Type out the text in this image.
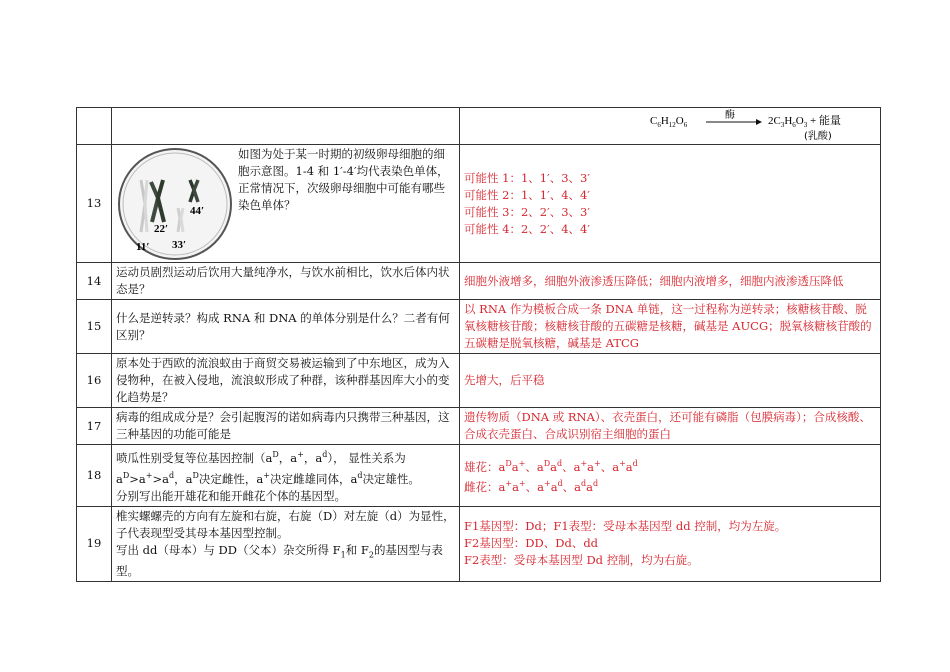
$C_6H_{12}O_6$
酶 $2C_3H_6O_3$ + 能量
(乳酸)

13	11′
22′
33′
44′
如图为处于某一时期的初级卵母细胞的细胞示意图。1-4 和 1′-4′均代表染色单体，正常情况下，次级卵母细胞中可能有哪些染色单体？	可能性 1：1、1′、3、3′
可能性 2：1、1′、4、4′
可能性 3：2、2′、3、3′
可能性 4：2、2′、4、4′

14	运动员剧烈运动后饮用大量纯净水，与饮水前相比，饮水后体内状态是？	细胞外液增多，细胞外液渗透压降低；细胞内液增多，细胞内液渗透压降低
15	什么是逆转录？构成 RNA 和 DNA 的单体分别是什么？二者有何区别？	以 RNA 作为模板合成一条 DNA 单链，这一过程称为逆转录；核糖核苷酸、脱氧核糖核苷酸；核糖核苷酸的五碳糖是核糖，碱基是 AUCG；脱氧核糖核苷酸的五碳糖是脱氧核糖，碱基是 ATCG
16	原本处于西欧的流浪蚁由于商贸交易被运输到了中东地区，成为入侵物种，在被入侵地，流浪蚁形成了种群，该种群基因库大小的变化趋势是？	先增大，后平稳
17	病毒的组成成分是？会引起腹泻的诺如病毒内只携带三种基因，这三种基因的功能可能是	遗传物质（DNA 或 RNA）、衣壳蛋白，还可能有磷脂（包膜病毒）；合成核酸、合成衣壳蛋白、合成识别宿主细胞的蛋白
18	喷瓜性别受复等位基因控制（$a^D$，a+，$a^d$）， 显性关系为 $a^D>a^+>a^d$，$a^D$决定雌性，a+决定雌雄同体，$a^d$决定雄性。
分别写出能开雄花和能开雌花个体的基因型。	雄花：$a^Da^+$、$a^Da^d$、a+a+、$a^+a^d$
雌花：a+a+、$a^+a^d$、$a^da^d$

19	椎实螺螺壳的方向有左旋和右旋，右旋（D）对左旋（d）为显性，子代表现型受其母本基因型控制。
写出 dd（母本）与 DD（父本）杂交所得 $F_1$和 $F_2$的基因型与表型。	F1基因型：Dd；F1表型：受母本基因型 dd 控制，均为左旋。
F2基因型：DD、Dd、dd
F2表型：受母本基因型 Dd 控制，均为右旋。
